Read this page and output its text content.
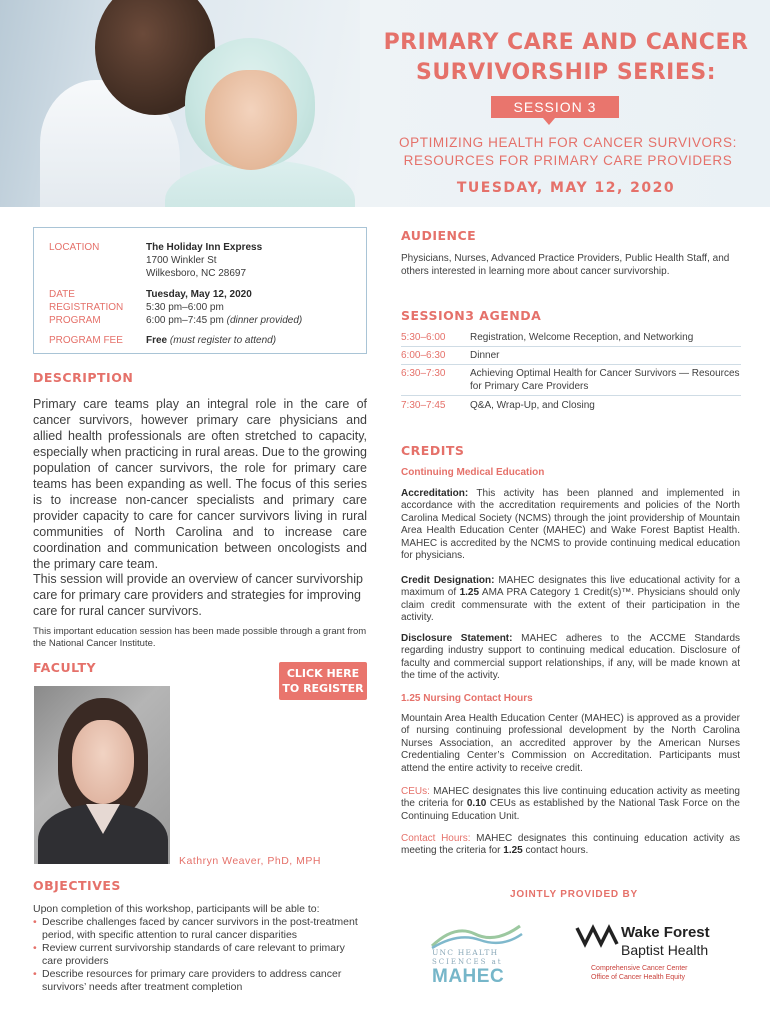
PRIMARY CARE AND CANCER
SURVIVORSHIP SERIES:
SESSION 3
OPTIMIZING HEALTH FOR CANCER SURVIVORS:
RESOURCES FOR PRIMARY CARE PROVIDERS
TUESDAY, MAY 12, 2020
LOCATION	The Holiday Inn Express
1700 Winkler St
Wilkesboro, NC 28697
DATE	Tuesday, May 12, 2020
REGISTRATION	5:30 pm–6:00 pm
PROGRAM	6:00 pm–7:45 pm (dinner provided)
PROGRAM FEE	Free (must register to attend)
DESCRIPTION
Primary care teams play an integral role in the care of cancer survivors, however primary care physicians and allied health professionals are often stretched to capacity, especially when practicing in rural areas. Due to the growing population of cancer survivors, the role for primary care teams has been expanding as well. The focus of this series is to increase non-cancer specialists and primary care provider capacity to care for cancer survivors living in rural communities of North Carolina and to increase care coordination and communication between oncologists and the primary care team.
This session will provide an overview of cancer survivorship care for primary care providers and strategies for improving care for rural cancer survivors.
This important education session has been made possible through a grant from the National Cancer Institute.
FACULTY	CLICK HERE
TO REGISTER
Kathryn Weaver, PhD, MPH
OBJECTIVES
Upon completion of this workshop, participants will be able to:
• Describe challenges faced by cancer survivors in the post-treatment period, with specific attention to rural cancer disparities
• Review current survivorship standards of care relevant to primary care providers
• Describe resources for primary care providers to address cancer survivors’ needs after treatment completion
AUDIENCE
Physicians, Nurses, Advanced Practice Providers, Public Health Staff, and others interested in learning more about cancer survivorship.
SESSION3 AGENDA
5:30–6:00	Registration, Welcome Reception, and Networking
6:00–6:30	Dinner
6:30–7:30	Achieving Optimal Health for Cancer Survivors — Resources for Primary Care Providers
7:30–7:45	Q&A, Wrap-Up, and Closing
CREDITS
Continuing Medical Education
Accreditation: This activity has been planned and implemented in accordance with the accreditation requirements and policies of the North Carolina Medical Society (NCMS) through the joint providership of Mountain Area Health Education Center (MAHEC) and Wake Forest Baptist Health. MAHEC is accredited by the NCMS to provide continuing medical education for physicians.
Credit Designation: MAHEC designates this live educational activity for a maximum of 1.25 AMA PRA Category 1 Credit(s)™. Physicians should only claim credit commensurate with the extent of their participation in the activity.
Disclosure Statement: MAHEC adheres to the ACCME Standards regarding industry support to continuing medical education. Disclosure of faculty and commercial support relationships, if any, will be made known at the time of the activity.
1.25 Nursing Contact Hours
Mountain Area Health Education Center (MAHEC) is approved as a provider of nursing continuing professional development by the North Carolina Nurses Association, an accredited approver by the American Nurses Credentialing Center’s Commission on Accreditation. Participants must attend the entire activity to receive credit.
CEUs: MAHEC designates this live continuing education activity as meeting the criteria for 0.10 CEUs as established by the National Task Force on the Continuing Education Unit.
Contact Hours: MAHEC designates this continuing education activity as meeting the criteria for 1.25 contact hours.
JOINTLY PROVIDED BY
UNC HEALTH
SCIENCES at
MAHEC
Wake Forest
Baptist Health
Comprehensive Cancer Center
Office of Cancer Health Equity
